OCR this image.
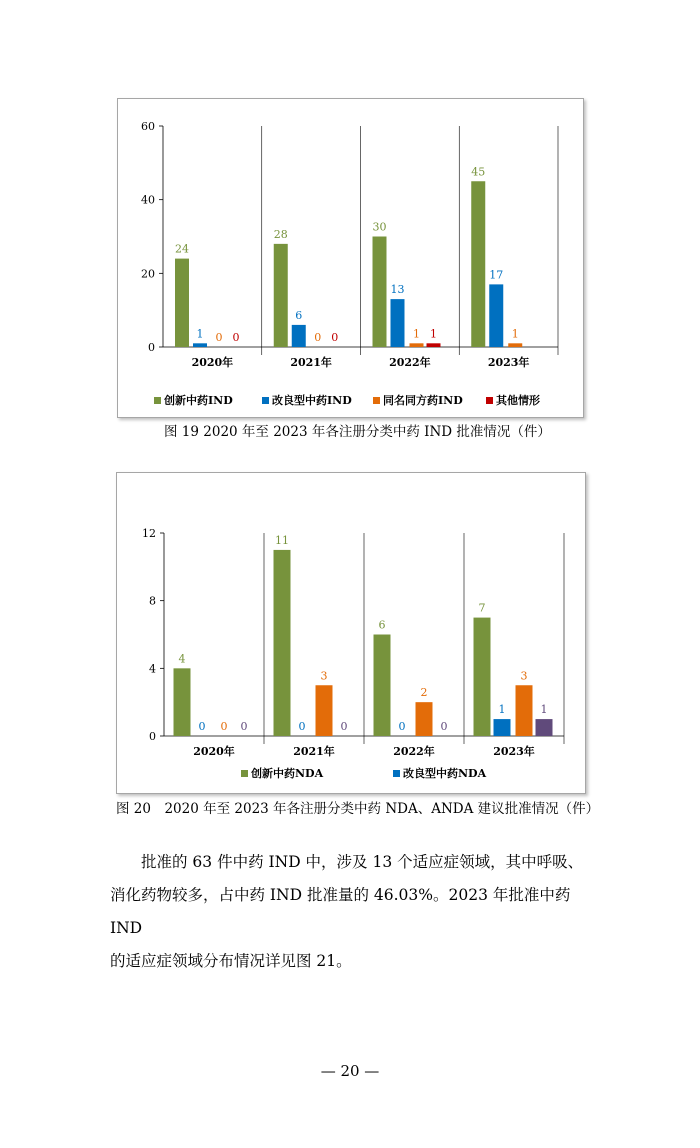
0
20
40
60
2020年	2021年	2022年	2023年
24
28
30
45
1
6
13
17
0	0	1	1
0	0	1
创新中药IND	改良型中药IND	同名同方药IND	其他情形
图 19 2020 年至 2023 年各注册分类中药 IND 批准情况（件）
0
4
8
12
2020年	2021年	2022年	2023年
4
11
6
7
0	0	0
1
0
3
2
3
0	0	0
1
创新中药NDA	改良型中药NDA
图 20　2020 年至 2023 年各注册分类中药 NDA、ANDA 建议批准情况（件）
批准的 63 件中药 IND 中，涉及 13 个适应症领域，其中呼吸、
消化药物较多，占中药 IND 批准量的 46.03%。2023 年批准中药 IND
的适应症领域分布情况详见图 21。
— 20 —
